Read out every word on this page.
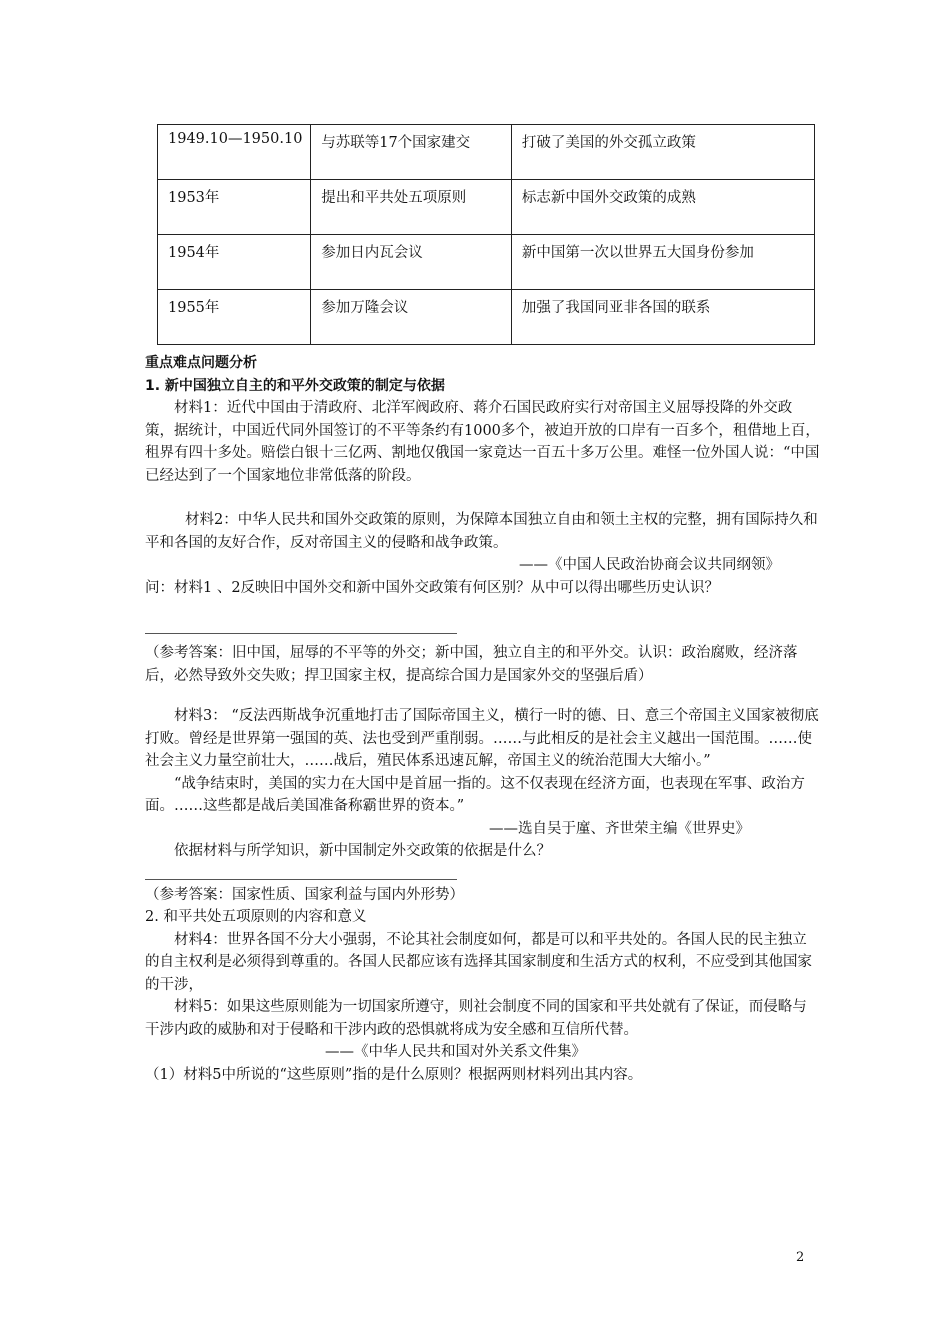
1949.10—1950.10	与苏联等17个国家建交	打破了美国的外交孤立政策
1953年	提出和平共处五项原则	标志新中国外交政策的成熟
1954年	参加日内瓦会议	新中国第一次以世界五大国身份参加
1955年	参加万隆会议	加强了我国同亚非各国的联系

重点难点问题分析

1. 新中国独立自主的和平外交政策的制定与依据

材料1：近代中国由于清政府、北洋军阀政府、蒋介石国民政府实行对帝国主义屈辱投降的外交政策，据统计，中国近代同外国签订的不平等条约有1000多个，被迫开放的口岸有一百多个，租借地上百，租界有四十多处。赔偿白银十三亿两、割地仅俄国一家竟达一百五十多万公里。难怪一位外国人说：“中国已经达到了一个国家地位非常低落的阶段。

材料2：中华人民共和国外交政策的原则，为保障本国独立自由和领土主权的完整，拥有国际持久和平和各国的友好合作，反对帝国主义的侵略和战争政策。

——《中国人民政治协商会议共同纲领》

问：材料1 、2反映旧中国外交和新中国外交政策有何区别？从中可以得出哪些历史认识？

（参考答案：旧中国，屈辱的不平等的外交；新中国，独立自主的和平外交。认识：政治腐败，经济落后，必然导致外交失败；捍卫国家主权，提高综合国力是国家外交的坚强后盾）

材料3： “反法西斯战争沉重地打击了国际帝国主义，横行一时的德、日、意三个帝国主义国家被彻底打败。曾经是世界第一强国的英、法也受到严重削弱。……与此相反的是社会主义越出一国范围。……使社会主义力量空前壮大，……战后，殖民体系迅速瓦解，帝国主义的统治范围大大缩小。”

“战争结束时，美国的实力在大国中是首屈一指的。这不仅表现在经济方面，也表现在军事、政治方面。……这些都是战后美国准备称霸世界的资本。”

——选自吴于廑、齐世荣主编《世界史》

依据材料与所学知识，新中国制定外交政策的依据是什么？

（参考答案：国家性质、国家利益与国内外形势）

2. 和平共处五项原则的内容和意义

材料4：世界各国不分大小强弱，不论其社会制度如何，都是可以和平共处的。各国人民的民主独立的自主权利是必须得到尊重的。各国人民都应该有选择其国家制度和生活方式的权利，不应受到其他国家的干涉，

材料5：如果这些原则能为一切国家所遵守，则社会制度不同的国家和平共处就有了保证，而侵略与干涉内政的威胁和对于侵略和干涉内政的恐惧就将成为安全感和互信所代替。

——《中华人民共和国对外关系文件集》

（1）材料5中所说的“这些原则”指的是什么原则？根据两则材料列出其内容。

2
